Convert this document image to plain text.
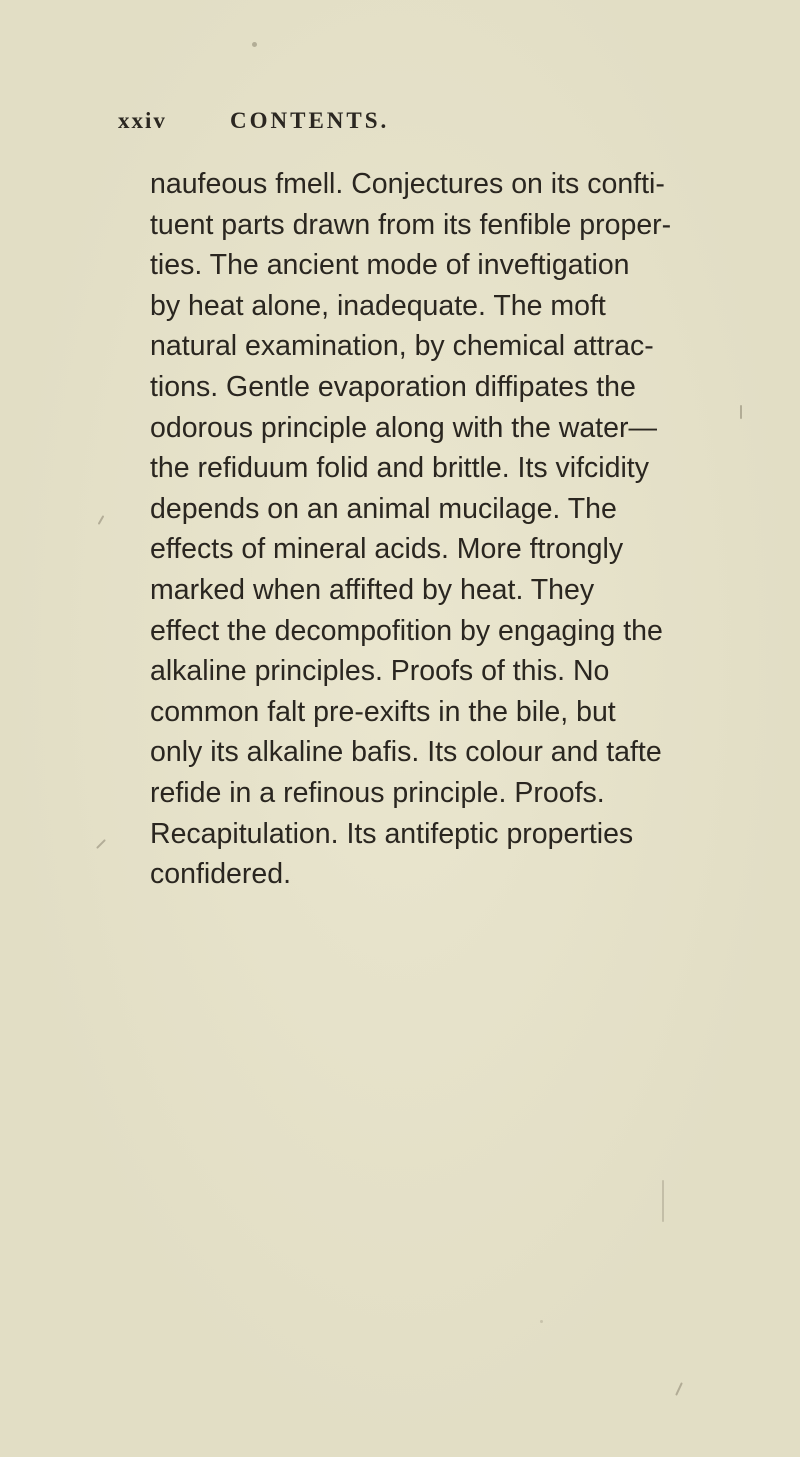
xxiv	CONTENTS.
naufeous fmell. Conjectures on its confti-
tuent parts drawn from its fenfible proper-
ties. The ancient mode of inveftigation
by heat alone, inadequate. The moft
natural examination, by chemical attrac-
tions. Gentle evaporation diffipates the
odorous principle along with the water—
the refiduum folid and brittle. Its vifcidity
depends on an animal mucilage. The
effects of mineral acids. More ftrongly
marked when affifted by heat. They
effect the decompofition by engaging the
alkaline principles. Proofs of this. No
common falt pre-exifts in the bile, but
only its alkaline bafis. Its colour and tafte
refide in a refinous principle. Proofs.
Recapitulation. Its antifeptic properties
confidered.
